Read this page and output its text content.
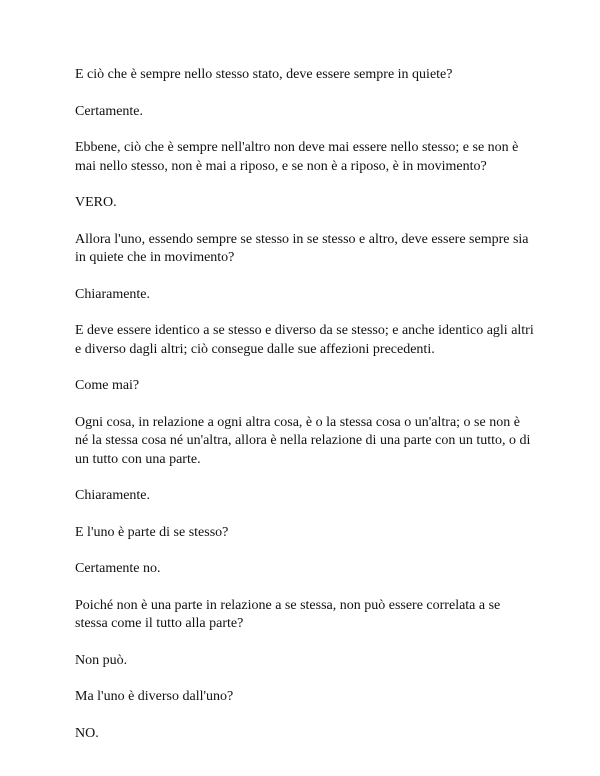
E ciò che è sempre nello stesso stato, deve essere sempre in quiete?

Certamente.

Ebbene, ciò che è sempre nell'altro non deve mai essere nello stesso; e se non è mai nello stesso, non è mai a riposo, e se non è a riposo, è in movimento?

VERO.

Allora l'uno, essendo sempre se stesso in se stesso e altro, deve essere sempre sia in quiete che in movimento?

Chiaramente.

E deve essere identico a se stesso e diverso da se stesso; e anche identico agli altri e diverso dagli altri; ciò consegue dalle sue affezioni precedenti.

Come mai?

Ogni cosa, in relazione a ogni altra cosa, è o la stessa cosa o un'altra; o se non è né la stessa cosa né un'altra, allora è nella relazione di una parte con un tutto, o di un tutto con una parte.

Chiaramente.

E l'uno è parte di se stesso?

Certamente no.

Poiché non è una parte in relazione a se stessa, non può essere correlata a se stessa come il tutto alla parte?

Non può.

Ma l'uno è diverso dall'uno?

NO.
